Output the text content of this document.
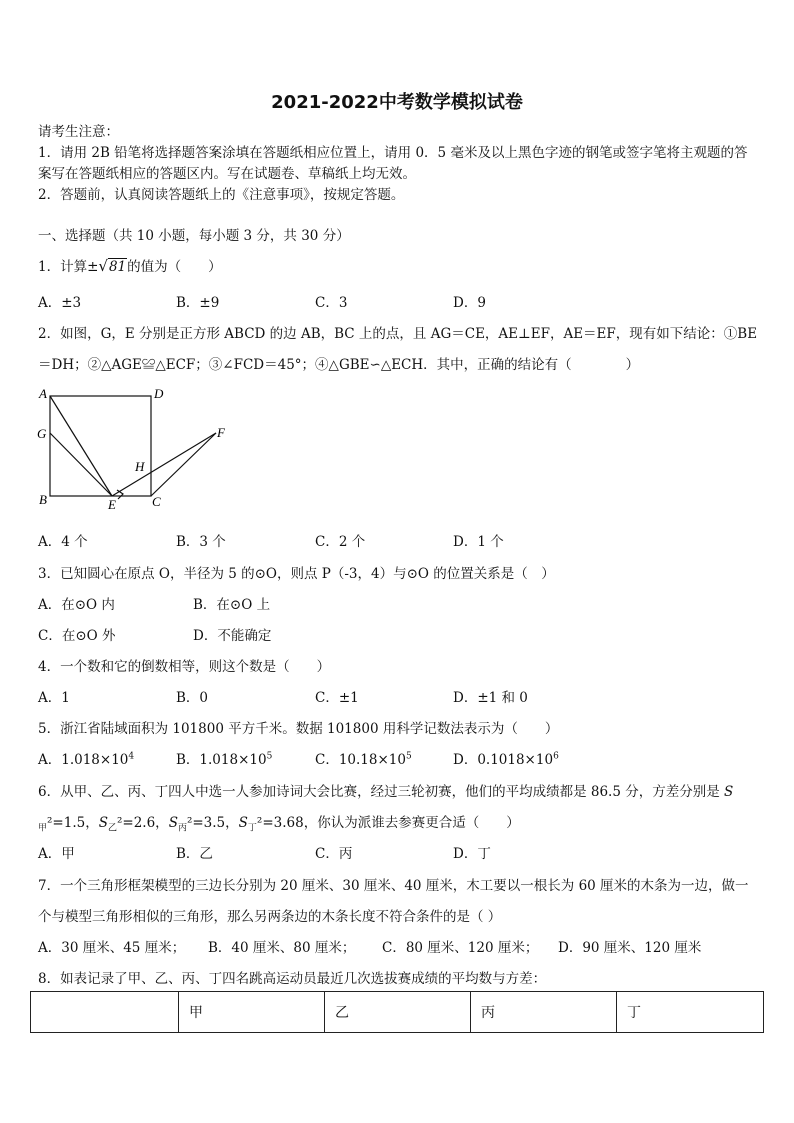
2021-2022中考数学模拟试卷
请考生注意：
1．请用 2B 铅笔将选择题答案涂填在答题纸相应位置上，请用 0．5 毫米及以上黑色字迹的钢笔或签字笔将主观题的答
案写在答题纸相应的答题区内。写在试题卷、草稿纸上均无效。
2．答题前，认真阅读答题纸上的《注意事项》，按规定答题。
一、选择题（共 10 小题，每小题 3 分，共 30 分）
1．计算±√81的值为（　　）
A．±3	B．±9	C．3	D．9
2．如图，G，E 分别是正方形 ABCD 的边 AB，BC 上的点，且 AG＝CE，AE⊥EF，AE＝EF，现有如下结论：①BE
＝DH；②△AGE≌△ECF；③∠FCD＝45°；④△GBE∽△ECH．其中，正确的结论有（　　　　）
A	D
G	F
H
B	E	C
A．4 个	B．3 个	C．2 个	D．1 个
3．已知圆心在原点 O，半径为 5 的⊙O，则点 P（-3，4）与⊙O 的位置关系是（　）
A．在⊙O 内	B．在⊙O 上
C．在⊙O 外	D．不能确定
4．一个数和它的倒数相等，则这个数是（　　）
A．1	B．0	C．±1	D．±1 和 0
5．浙江省陆域面积为 101800 平方千米。数据 101800 用科学记数法表示为（　　）
A．$1.018\times 10^4$	B．$1.018\times 10^5$	C．$10.18\times 10^5$	D．$0.1018\times 10^6$
6．从甲、乙、丙、丁四人中选一人参加诗词大会比赛，经过三轮初赛，他们的平均成绩都是 86.5 分，方差分别是 S
$_甲$²=1.5，$S_乙^2=2.6$，$S_丙^2=3.5$，$S_丁^2=3.68$，你认为派谁去参赛更合适（　　）
A．甲	B．乙	C．丙	D．丁
7．一个三角形框架模型的三边长分别为 20 厘米、30 厘米、40 厘米，木工要以一根长为 60 厘米的木条为一边，做一
个与模型三角形相似的三角形，那么另两条边的木条长度不符合条件的是（ ）
A．30 厘米、45 厘米； B．40 厘米、80 厘米； C．80 厘米、120 厘米； D．90 厘米、120 厘米
8．如表记录了甲、乙、丙、丁四名跳高运动员最近几次选拔赛成绩的平均数与方差：
	甲	乙	丙	丁
